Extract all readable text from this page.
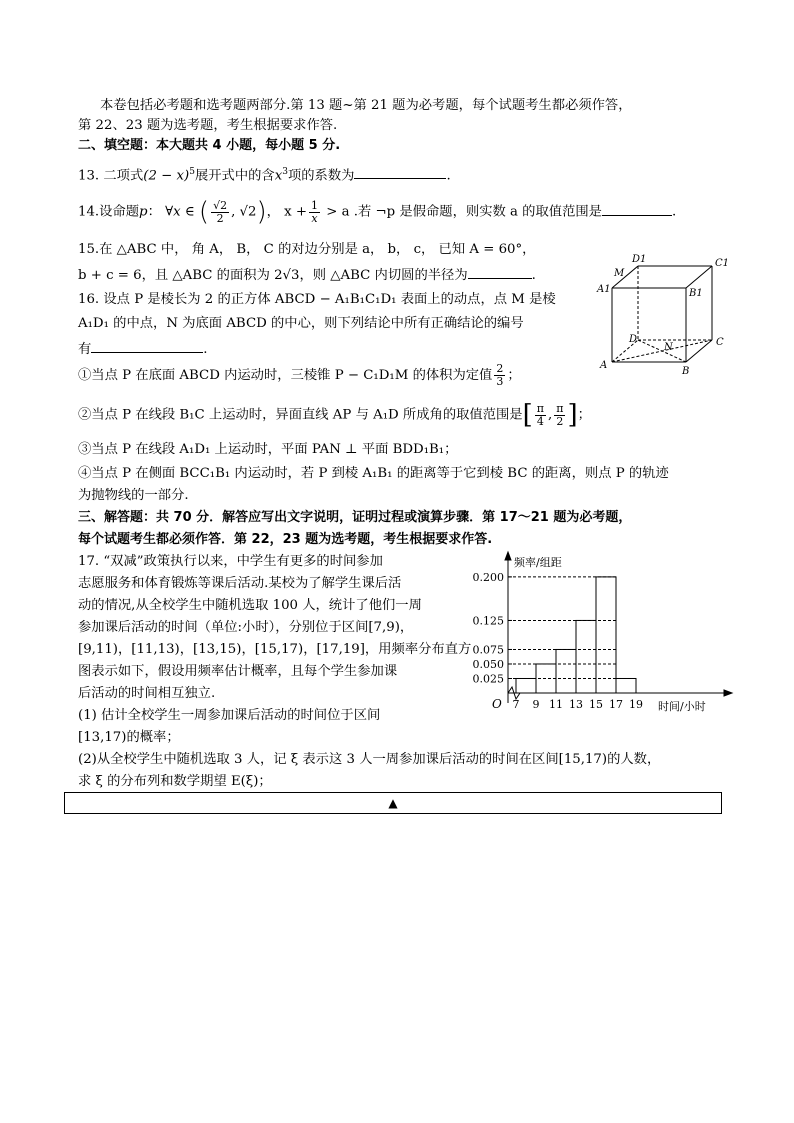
本卷包括必考题和选考题两部分.第 13 题~第 21 题为必考题，每个试题考生都必须作答，
第 22、23 题为选考题，考生根据要求作答.
二、填空题：本大题共 4 小题，每小题 5 分.
13. 二项式$(2 - x)^5$展开式中的含$x^3$项的系数为	.
14.设命题p： ∀x ∈ ( $\frac{√2}{2}$ , √2)， $x + \frac{1}{x} > a$ .若 ¬p 是假命题，则实数 a 的取值范围是	.
15.在 △ABC 中， 角 A， B， C 的对边分别是 a， b， c， 已知 A = 60°，
b + c = 6，且 △ABC 的面积为 2√3，则 △ABC 内切圆的半径为	.
16. 设点 P 是棱长为 2 的正方体 ABCD − A₁B₁C₁D₁ 表面上的动点，点 M 是棱
A₁D₁ 的中点，N 为底面 ABCD 的中心，则下列结论中所有正确结论的编号
有	.
①当点 P 在底面 ABCD 内运动时，三棱锥 P − C₁D₁M 的体积为定值 $\frac{2}{3}$ ；
②当点 P 在线段 B₁C 上运动时，异面直线 AP 与 A₁D 所成角的取值范围是[ $\frac{\pi}{4}$ , $\frac{\pi}{2}$ ]；
③当点 P 在线段 A₁D₁ 上运动时，平面 PAN ⊥ 平面 BDD₁B₁；
④当点 P 在侧面 BCC₁B₁ 内运动时，若 P 到棱 A₁B₁ 的距离等于它到棱 BC 的距离，则点 P 的轨迹
为抛物线的一部分.
D1	C1
M
A1	B1
D
N	C
A
B
三、解答题：共 70 分．解答应写出文字说明，证明过程或演算步骤．第 17～21 题为必考题，
每个试题考生都必须作答．第 22，23 题为选考题，考生根据要求作答.
17. “双减”政策执行以来，中学生有更多的时间参加
志愿服务和体育锻炼等课后活动.某校为了解学生课后活
动的情况,从全校学生中随机选取 100 人，统计了他们一周
参加课后活动的时间（单位:小时），分别位于区间[7,9)，
[9,11)，[11,13)，[13,15)，[15,17)，[17,19]，用频率分布直方
图表示如下，假设用频率估计概率，且每个学生参加课
后活动的时间相互独立.
(1) 估计全校学生一周参加课后活动的时间位于区间
[13,17)的概率；
(2)从全校学生中随机选取 3 人，记 ξ 表示这 3 人一周参加课后活动的时间在区间[15,17)的人数，
求 ξ 的分布列和数学期望 E(ξ)；
0.025
0.050
0.075
0.125
0.200
7 9 11 13 15 17 19
频率/组距
时间/小时
O
▲
